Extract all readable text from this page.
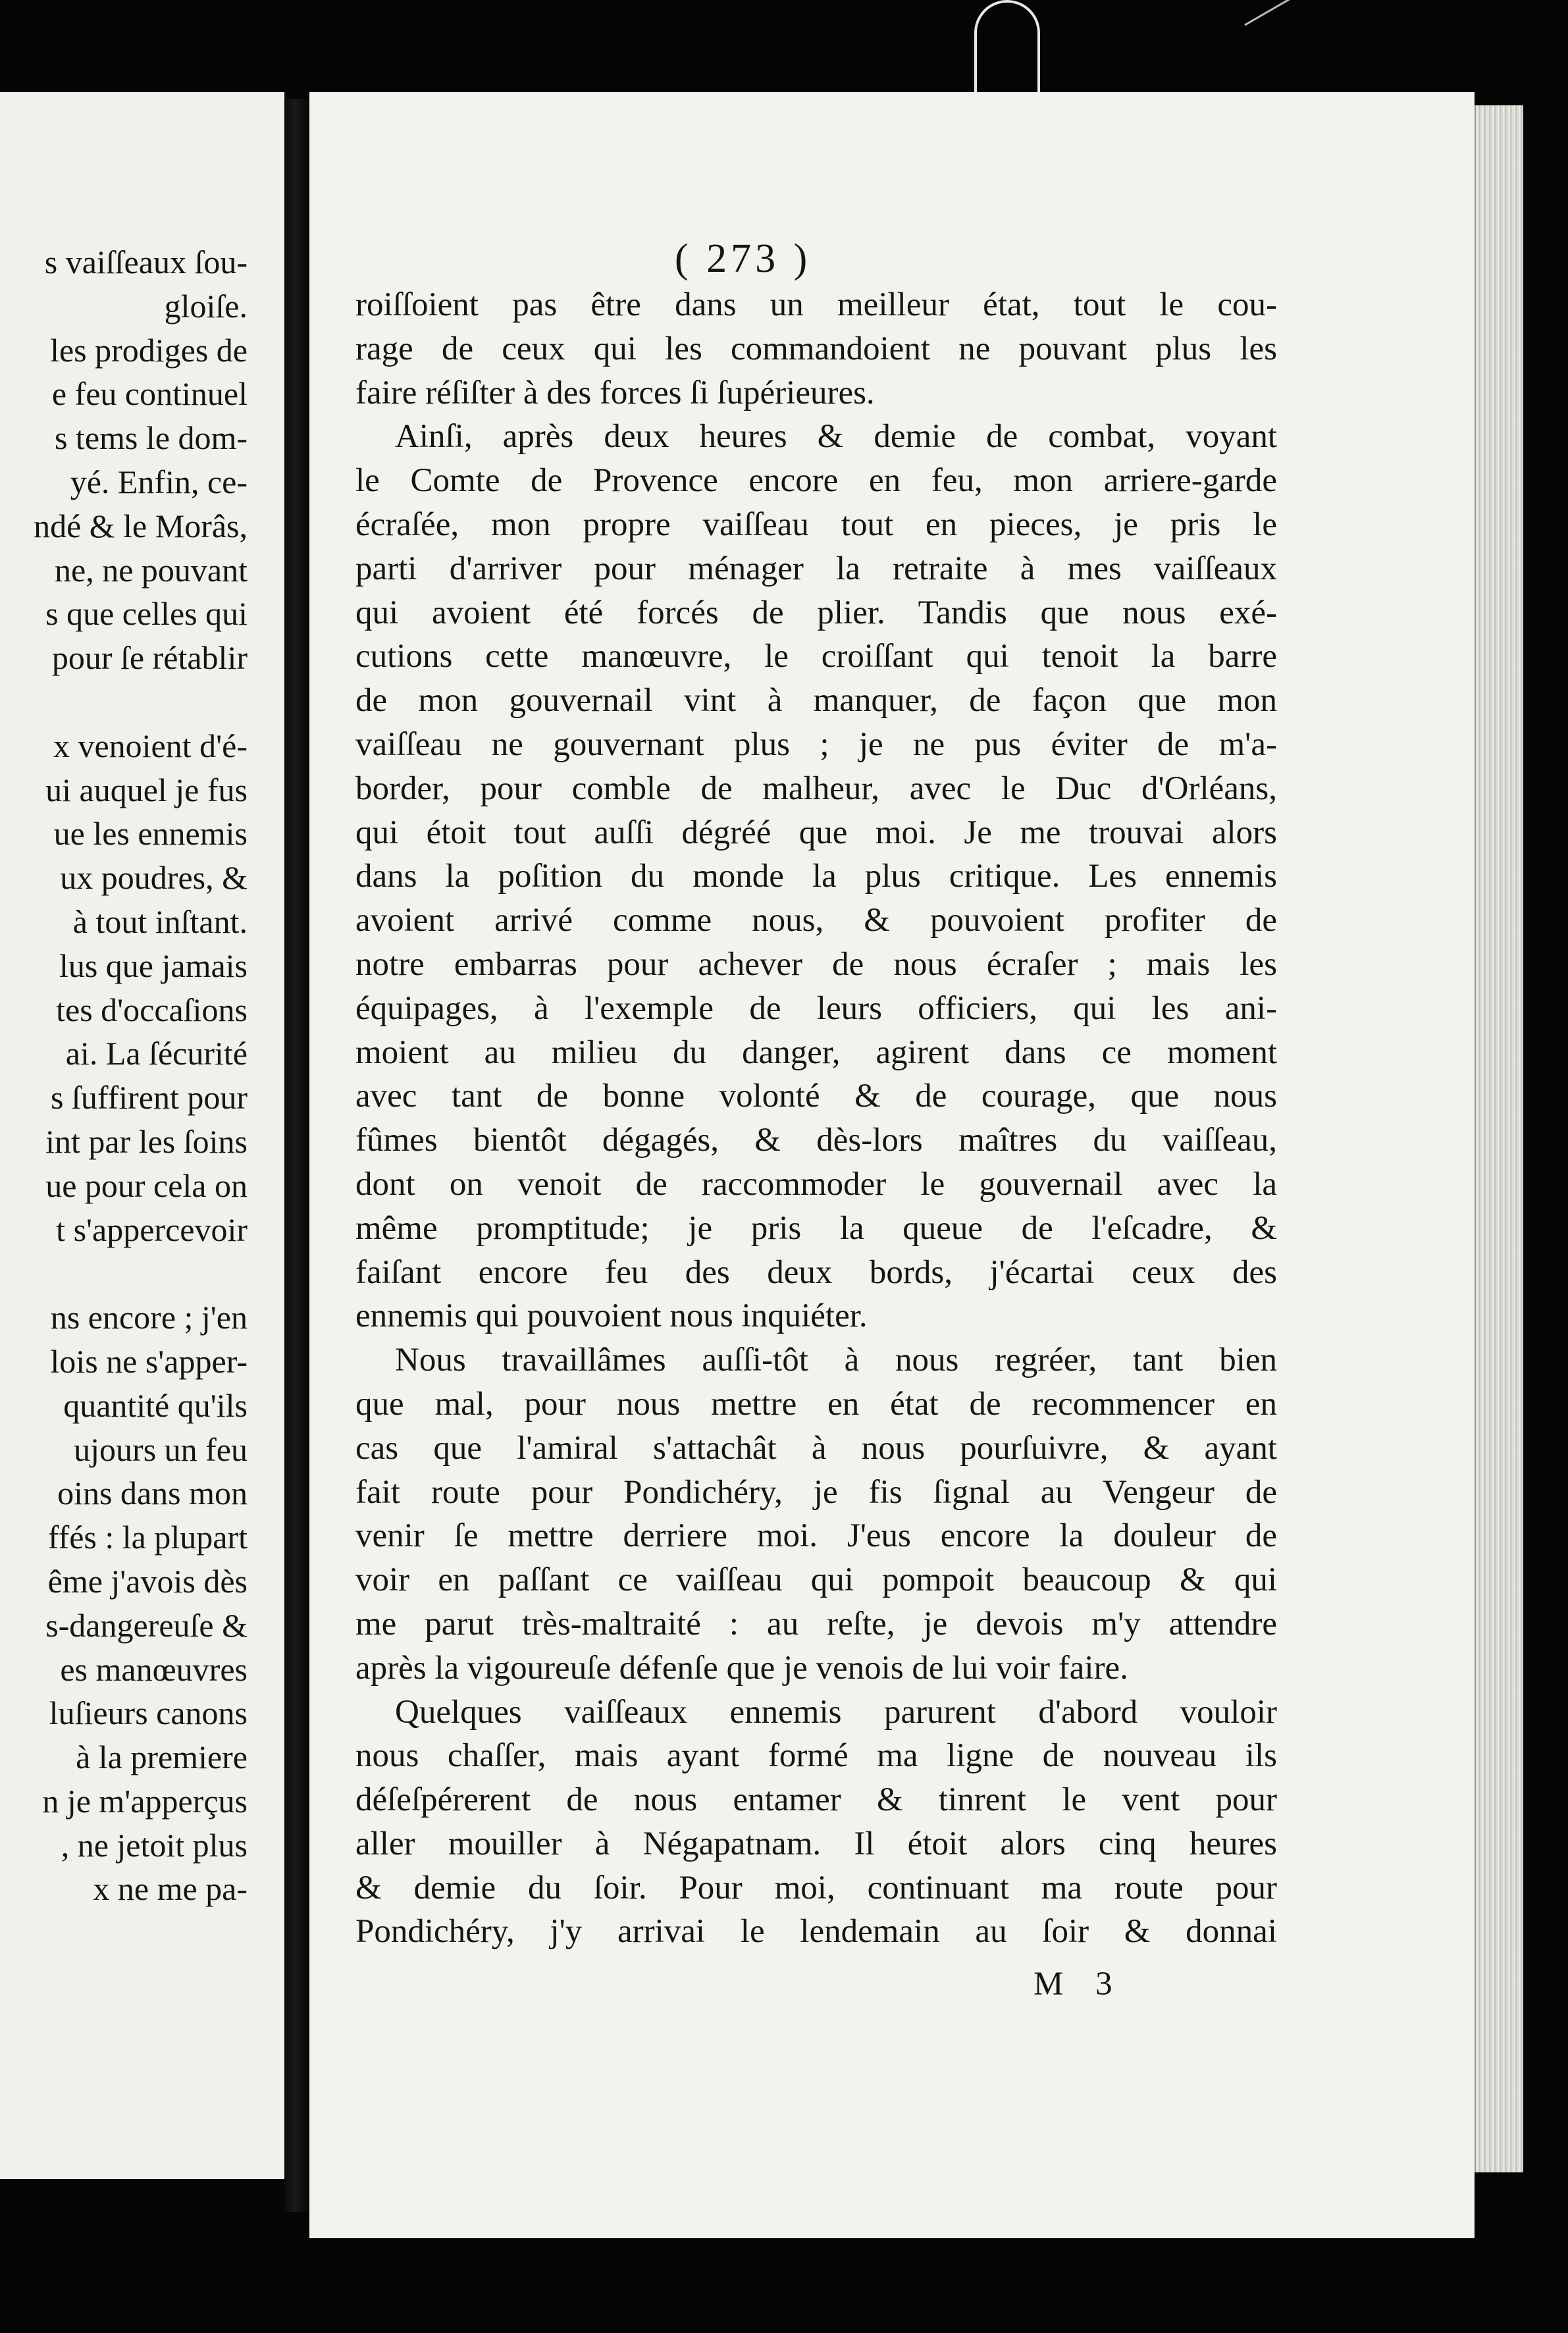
s vaiſſeaux ſou-
gloiſe.
les prodiges de
e feu continuel
s tems le dom-
yé. Enfin, ce-
ndé & le Morâs,
ne, ne pouvant
s que celles qui
pour ſe rétablir
x venoient d'é-
ui auquel je fus
ue les ennemis
ux poudres, &
à tout inſtant.
lus que jamais
tes d'occaſions
ai. La ſécurité
s ſuffirent pour
int par les ſoins
ue pour cela on
t s'appercevoir
ns encore ; j'en
lois ne s'apper-
quantité qu'ils
ujours un feu
oins dans mon
ffés : la plupart
ême j'avois dès
s-dangereuſe &
es manœuvres
luſieurs canons
à la premiere
n je m'apperçus
, ne jetoit plus
x ne me pa-
( 273 )
roiſſoient pas être dans un meilleur état, tout le cou-
rage de ceux qui les commandoient ne pouvant plus les
faire réſiſter à des forces ſi ſupérieures.
Ainſi, après deux heures & demie de combat, voyant
le Comte de Provence encore en feu, mon arriere-garde
écraſée, mon propre vaiſſeau tout en pieces, je pris le
parti d'arriver pour ménager la retraite à mes vaiſſeaux
qui avoient été forcés de plier. Tandis que nous exé-
cutions cette manœuvre, le croiſſant qui tenoit la barre
de mon gouvernail vint à manquer, de façon que mon
vaiſſeau ne gouvernant plus ; je ne pus éviter de m'a-
border, pour comble de malheur, avec le Duc d'Orléans,
qui étoit tout auſſi dégréé que moi. Je me trouvai alors
dans la poſition du monde la plus critique. Les ennemis
avoient arrivé comme nous, & pouvoient profiter de
notre embarras pour achever de nous écraſer ; mais les
équipages, à l'exemple de leurs officiers, qui les ani-
moient au milieu du danger, agirent dans ce moment
avec tant de bonne volonté & de courage, que nous
fûmes bientôt dégagés, & dès-lors maîtres du vaiſſeau,
dont on venoit de raccommoder le gouvernail avec la
même promptitude; je pris la queue de l'eſcadre, &
faiſant encore feu des deux bords, j'écartai ceux des
ennemis qui pouvoient nous inquiéter.
Nous travaillâmes auſſi-tôt à nous regréer, tant bien
que mal, pour nous mettre en état de recommencer en
cas que l'amiral s'attachât à nous pourſuivre, & ayant
fait route pour Pondichéry, je fis ſignal au Vengeur de
venir ſe mettre derriere moi. J'eus encore la douleur de
voir en paſſant ce vaiſſeau qui pompoit beaucoup & qui
me parut très-maltraité : au reſte, je devois m'y attendre
après la vigoureuſe défenſe que je venois de lui voir faire.
Quelques vaiſſeaux ennemis parurent d'abord vouloir
nous chaſſer, mais ayant formé ma ligne de nouveau ils
déſeſpérerent de nous entamer & tinrent le vent pour
aller mouiller à Négapatnam. Il étoit alors cinq heures
& demie du ſoir. Pour moi, continuant ma route pour
Pondichéry, j'y arrivai le lendemain au ſoir & donnai
M 3
